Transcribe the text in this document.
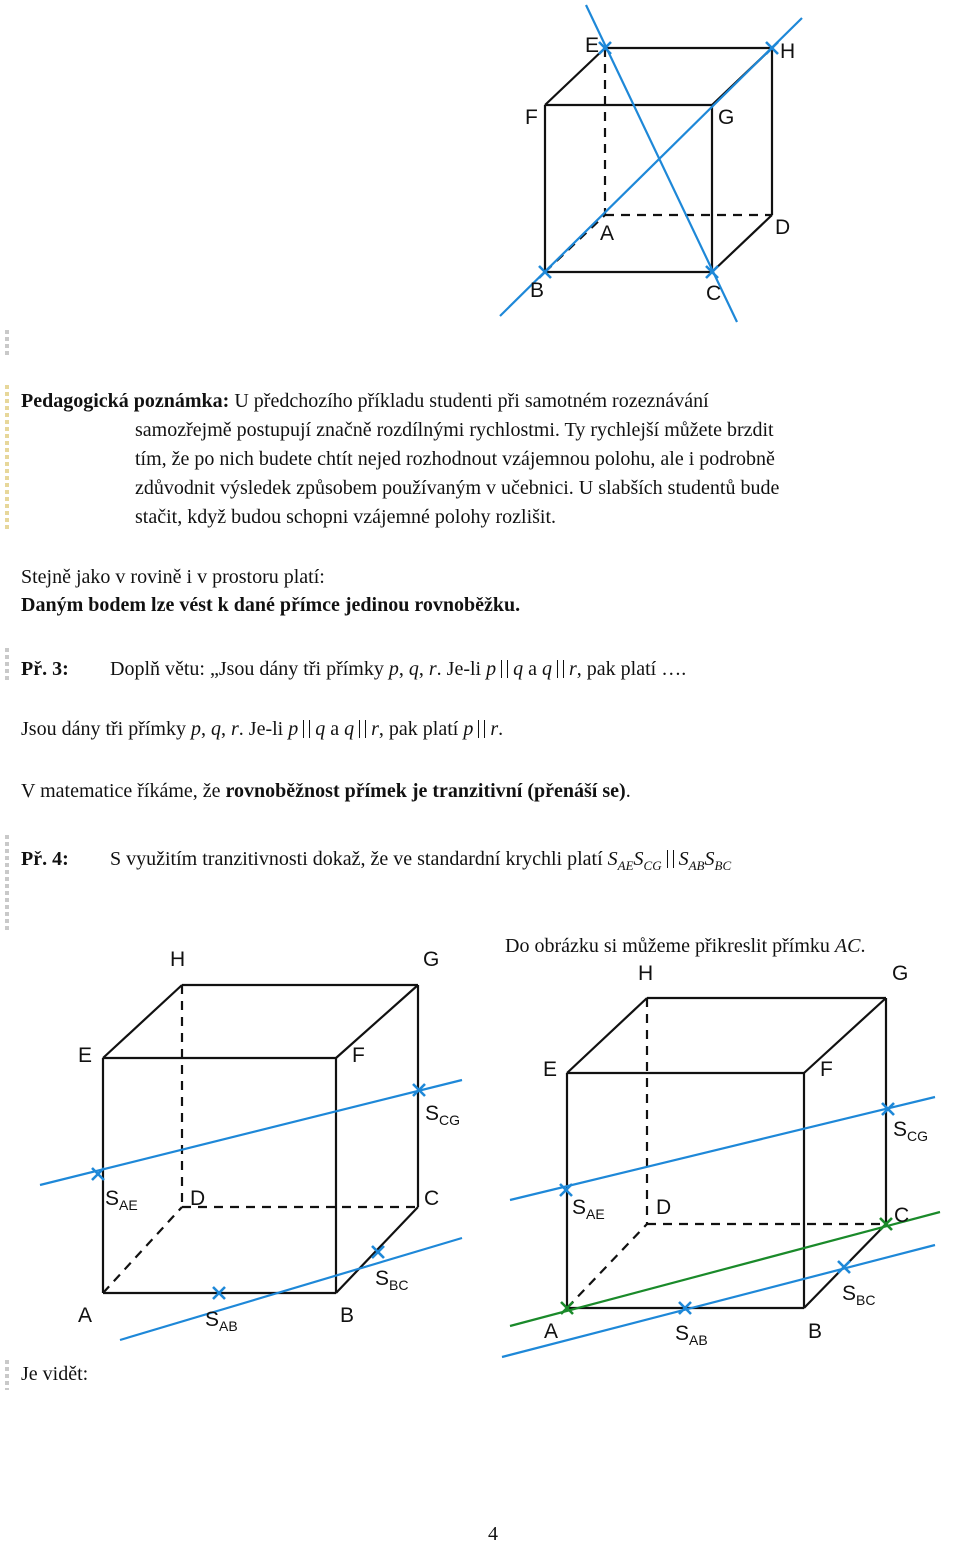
E	H
F	G
A	D
B	C
Pedagogická poznámka: U předchozího příkladu studenti při samotném rozeznávání
samozřejmě postupují značně rozdílnými rychlostmi. Ty rychlejší můžete brzdit
tím, že po nich budete chtít nejed rozhodnout vzájemnou polohu, ale i podrobně
zdůvodnit výsledek způsobem používaným v učebnici. U slabších studentů bude
stačit, když budou schopni vzájemné polohy rozlišit.
Stejně jako v rovině i v prostoru platí:
Daným bodem lze vést k dané přímce jedinou rovnoběžku.
Př. 3: Doplň větu: „Jsou dány tři přímky p, q, r. Je-li p q a q r, pak platí ….
Jsou dány tři přímky p, q, r. Je-li p q a q r, pak platí p r.
V matematice říkáme, že rovnoběžnost přímek je tranzitivní (přenáší se).
Př. 4: S využitím tranzitivnosti dokaž, že ve standardní krychli platí $S_{AE}S_{CG}$ $S_{AB}S_{BC}$
Do obrázku si můžeme přikreslit přímku AC.
H	G
E	F
$S_{CG}$
$S_{AE}$ D	C
$S_{BC}$
A	$S_{AB}$	B
H	G
E	F
$S_{CG}$
$S_{AE}$ D	C
$S_{BC}$
A	$S_{AB}$	B
Je vidět:
4
